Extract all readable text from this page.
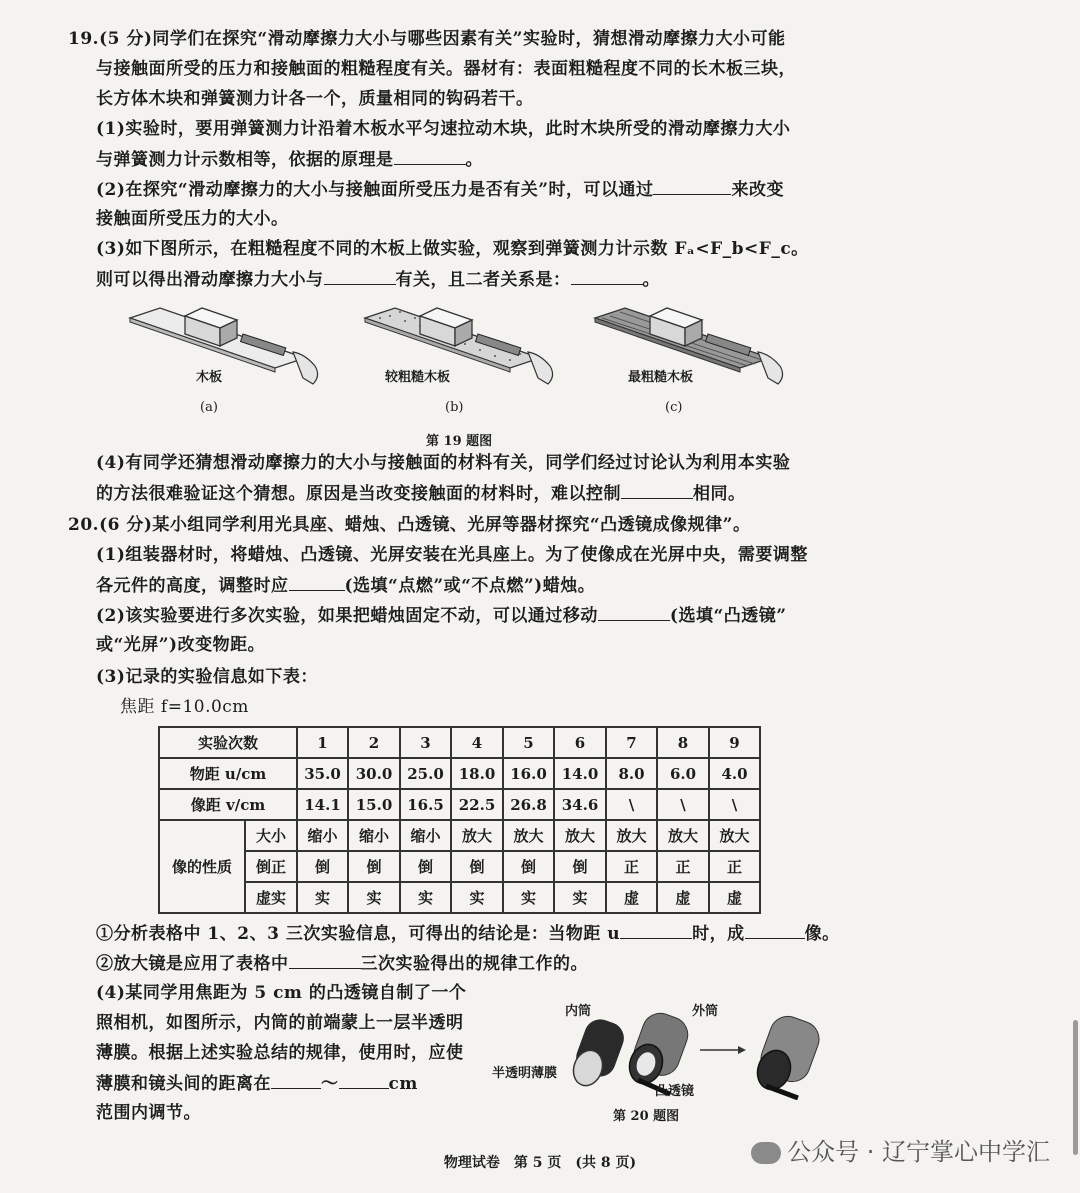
19.(5 分)同学们在探究“滑动摩擦力大小与哪些因素有关”实验时，猜想滑动摩擦力大小可能
与接触面所受的压力和接触面的粗糙程度有关。器材有：表面粗糙程度不同的长木板三块，
长方体木块和弹簧测力计各一个，质量相同的钩码若干。
(1)实验时，要用弹簧测力计沿着木板水平匀速拉动木块，此时木块所受的滑动摩擦力大小
与弹簧测力计示数相等，依据的原理是	。
(2)在探究“滑动摩擦力的大小与接触面所受压力是否有关”时，可以通过	来改变
接触面所受压力的大小。
(3)如下图所示，在粗糙程度不同的木板上做实验，观察到弹簧测力计示数 Fₐ<F_b<F_c。
则可以得出滑动摩擦力大小与	有关，且二者关系是：	。
木板	较粗糙木板	最粗糙木板
(a)	(b)	(c)
第 19 题图
(4)有同学还猜想滑动摩擦力的大小与接触面的材料有关，同学们经过讨论认为利用本实验
的方法很难验证这个猜想。原因是当改变接触面的材料时，难以控制	相同。
20.(6 分)某小组同学利用光具座、蜡烛、凸透镜、光屏等器材探究“凸透镜成像规律”。
(1)组装器材时，将蜡烛、凸透镜、光屏安装在光具座上。为了使像成在光屏中央，需要调整
各元件的高度，调整时应	(选填“点燃”或“不点燃”)蜡烛。
(2)该实验要进行多次实验，如果把蜡烛固定不动，可以通过移动	(选填“凸透镜”
或“光屏”)改变物距。
(3)记录的实验信息如下表：
焦距 f=10.0cm
实验次数		1	2	3	4	5	6	7	8	9
物距 u/cm		35.0	30.0	25.0	18.0	16.0	14.0	8.0	6.0	4.0
像距 v/cm		14.1	15.0	16.5	22.5	26.8	34.6	\	\	\
像的性质	大小	缩小	缩小	缩小	放大	放大	放大	放大	放大	放大
	倒正	倒	倒	倒	倒	倒	倒	正	正	正
	虚实	实	实	实	实	实	实	虚	虚	虚
①分析表格中 1、2、3 三次实验信息，可得出的结论是：当物距 u	时，成	像。
②放大镜是应用了表格中	三次实验得出的规律工作的。
(4)某同学用焦距为 5 cm 的凸透镜自制了一个
照相机，如图所示，内筒的前端蒙上一层半透明
薄膜。根据上述实验总结的规律，使用时，应使
薄膜和镜头间的距离在	～	cm
范围内调节。
内筒	外筒
半透明薄膜
凸透镜
第 20 题图
公众号 · 辽宁掌心中学汇
物理试卷　第 5 页　(共 8 页)
